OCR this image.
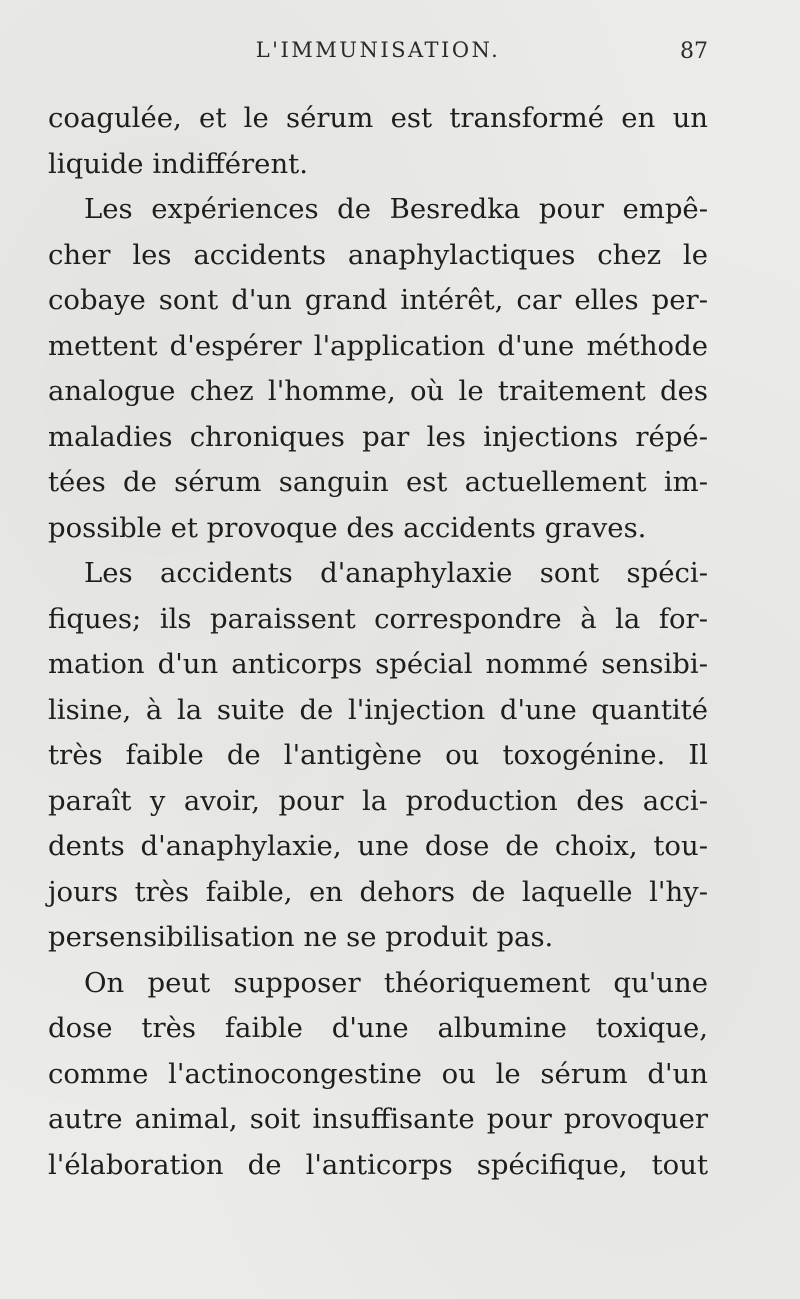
L'IMMUNISATION.	87
coagulée, et le sérum est transformé en un
liquide indifférent.
Les expériences de Besredka pour empê-
cher les accidents anaphylactiques chez le
cobaye sont d'un grand intérêt, car elles per-
mettent d'espérer l'application d'une méthode
analogue chez l'homme, où le traitement des
maladies chroniques par les injections répé-
tées de sérum sanguin est actuellement im-
possible et provoque des accidents graves.
Les accidents d'anaphylaxie sont spéci-
fiques; ils paraissent correspondre à la for-
mation d'un anticorps spécial nommé sensibi-
lisine, à la suite de l'injection d'une quantité
très faible de l'antigène ou toxogénine. Il
paraît y avoir, pour la production des acci-
dents d'anaphylaxie, une dose de choix, tou-
jours très faible, en dehors de laquelle l'hy-
persensibilisation ne se produit pas.
On peut supposer théoriquement qu'une
dose très faible d'une albumine toxique,
comme l'actinocongestine ou le sérum d'un
autre animal, soit insuffisante pour provoquer
l'élaboration de l'anticorps spécifique, tout
